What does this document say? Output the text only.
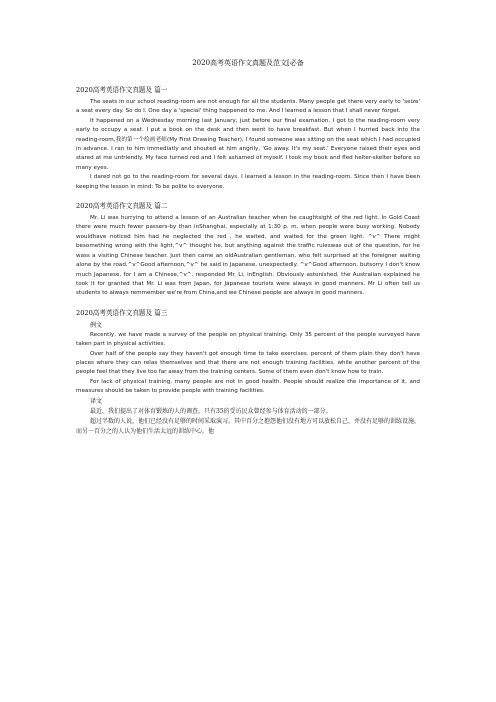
2020高考英语作文真题及范文[必备
2020高考英语作文真题及 篇一

The seats in our school reading-room are not enough for all the students. Many people get there very early to 'seize' a seat every day. So do I. One day a 'special' thing happened to me. And I learned a lesson that I shall never forget.

It happened on a Wednesday morning last January, just before our final examation. I got to the reading-room very early to occupy a seat. I put a book on the desk and then went to have breakfast. But when I hurried back into the reading-room,我的第一个绘画老师(My First Drawing Teacher), I found someone was sitting on the seat which I had occupied in advance. I ran to him immediatly and shouted at him angrily, 'Go away. It's my seat.' Everyone raised their eyes and stared at me unfriendly. My face turned red and I felt ashamed of myself. I took my book and fled helter-skelter before so many eyes.

I dared not go to the reading-room for several days. I learned a lesson in the reading-room. Since then I have been keeping the lesson in mind: To be polite to everyone.

2020高考英语作文真题及 篇二

Mr. Li was hurrying to attend a lesson of an Australian teacher when he caughtsight of the red light. In Gold Coast there were much fewer passers-by than inShanghai, especially at 1:30 p. m. when people were busy working. Nobody wouldhave noticed him had he neglected the red , he waited, and waited for the green light. ^v^ There might besomething wrong with the light,^v^ thought he, but anything against the traffic ruleswas out of the question, for he wass a visiting Chinese teacher. Just then came an oldAustralian gentleman, who felt surprised at the foreigner waiting alone by the road.^v^Good afternoon,^v^ he said in Japanese, unexpectedly. ^v^Good afternoon, butsorry I don't know much Japanese, for I am a Chinese,^v^. responded Mr. Li, inEnglish. Obviously astonished, the Australian explained he took it for granted that Mr. Li was from Japan, for Japanese tourists were always in good manners. Mr Li often tell us students to always remmember we're from China,and we Chinese people are always in good manners.

2020高考英语作文真题及 篇三
例文

Recently, we have made a survey of the people on physical training. Only 35 percent of the people surveyed have taken part in physical activities.

Over half of the people say they haven't got enough time to take exercises. percent of them plain they don't have places where they can relax themselves and that there are not enough training facilities, while another percent of the people feel that they live too far away from the training centers. Some of them even don't know how to train.

For lack of physical training, many people are not in good health. People should realize the importance of it, and measures should be taken to provide people with training facilities.

译文

最近，我们提出了对体育锻炼的人的调查。只有35的受访民众曾经参与体育活动的一部分。

超过半数的人说，他们已经没有足够的时间采取演习。其中百分之抱怨他们没有地方可以放松自己，并没有足够的训练设施，而另一百分之的人认为他们生活太远的训练中心。他
